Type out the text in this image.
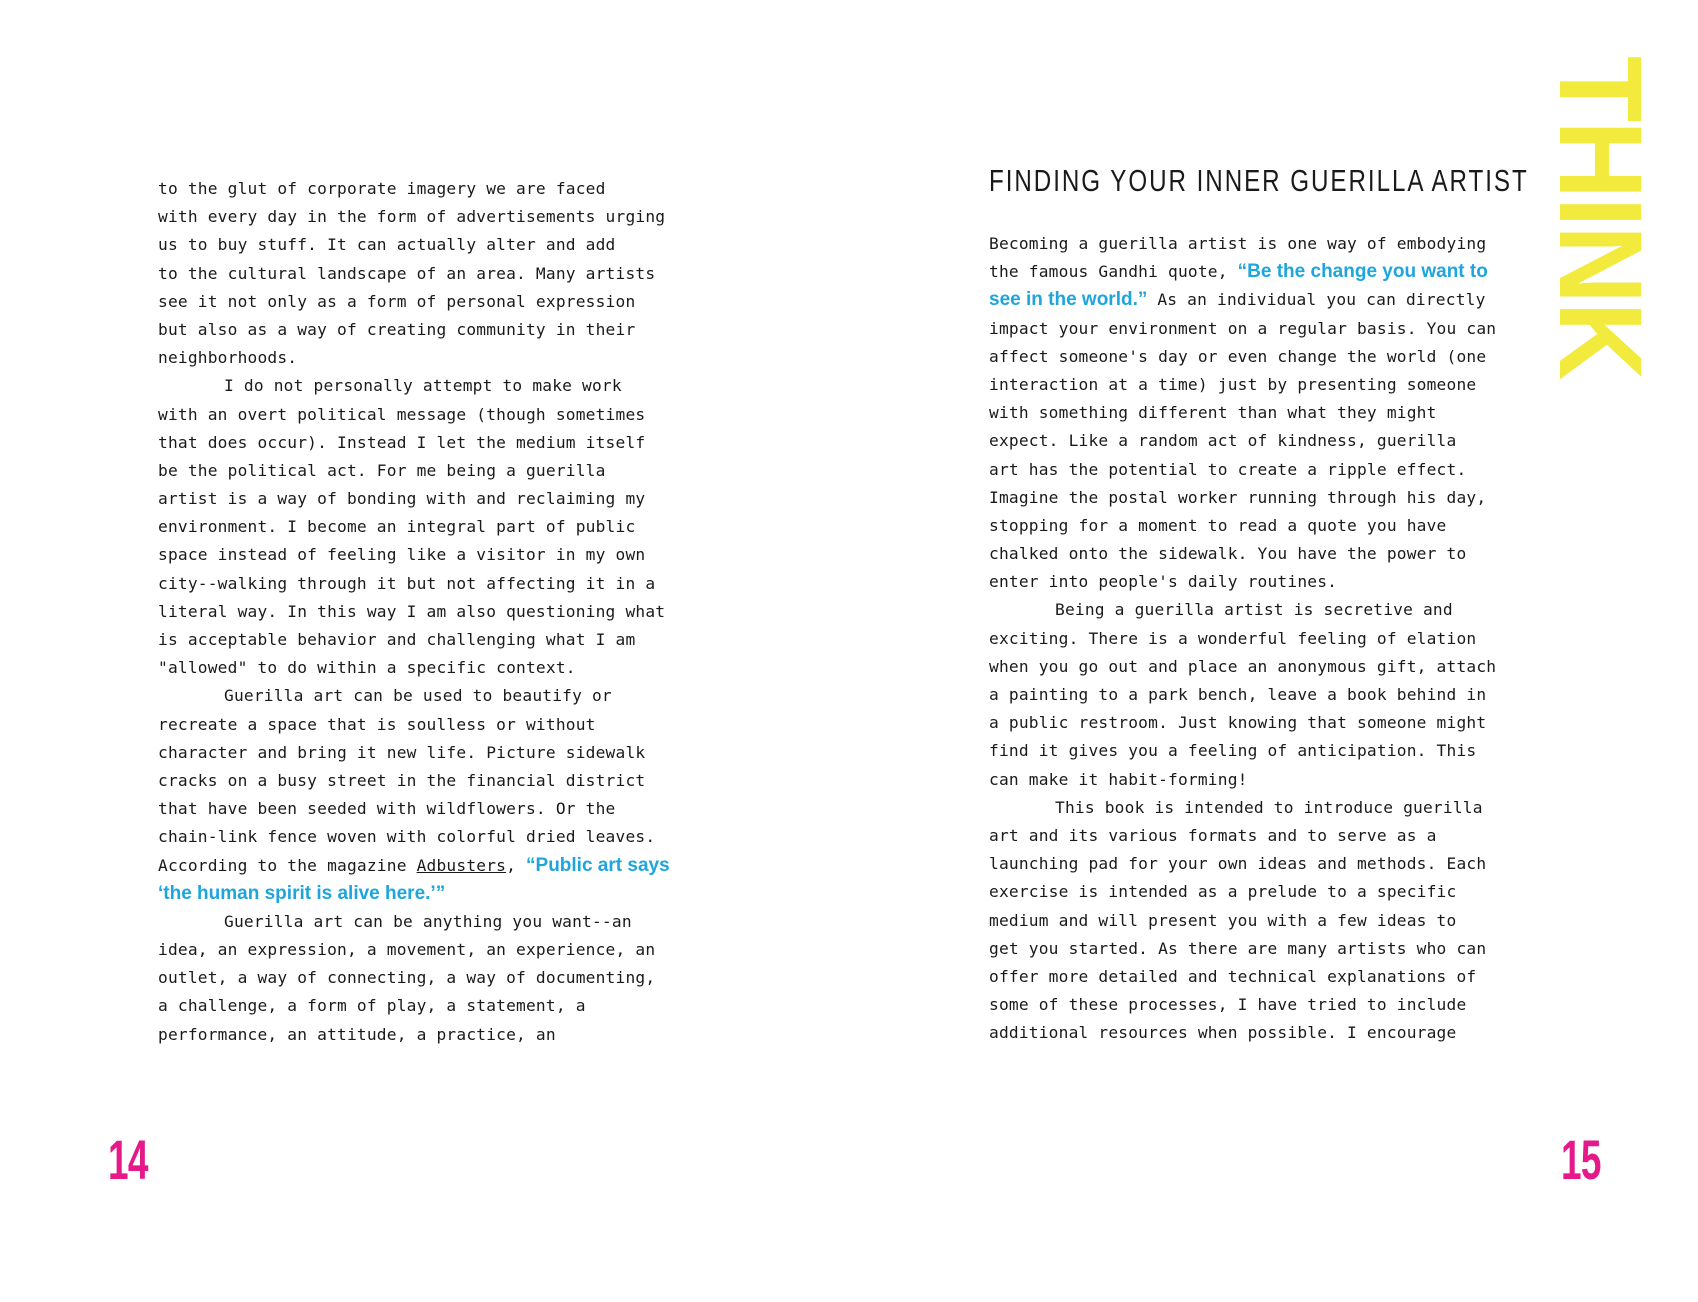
to the glut of corporate imagery we are faced
with every day in the form of advertisements urging
us to buy stuff. It can actually alter and add
to the cultural landscape of an area. Many artists
see it not only as a form of personal expression
but also as a way of creating community in their
neighborhoods.
I do not personally attempt to make work
with an overt political message (though sometimes
that does occur). Instead I let the medium itself
be the political act. For me being a guerilla
artist is a way of bonding with and reclaiming my
environment. I become an integral part of public
space instead of feeling like a visitor in my own
city--walking through it but not affecting it in a
literal way. In this way I am also questioning what
is acceptable behavior and challenging what I am
"allowed" to do within a specific context.
Guerilla art can be used to beautify or
recreate a space that is soulless or without
character and bring it new life. Picture sidewalk
cracks on a busy street in the financial district
that have been seeded with wildflowers. Or the
chain-link fence woven with colorful dried leaves.
According to the magazine Adbusters, “Public art says
‘the human spirit is alive here.’”
Guerilla art can be anything you want--an
idea, an expression, a movement, an experience, an
outlet, a way of connecting, a way of documenting,
a challenge, a form of play, a statement, a
performance, an attitude, a practice, an
14
FINDING YOUR INNER GUERILLA ARTIST THINK
Becoming a guerilla artist is one way of embodying
the famous Gandhi quote, “Be the change you want to
see in the world.” As an individual you can directly
impact your environment on a regular basis. You can
affect someone's day or even change the world (one
interaction at a time) just by presenting someone
with something different than what they might
expect. Like a random act of kindness, guerilla
art has the potential to create a ripple effect.
Imagine the postal worker running through his day,
stopping for a moment to read a quote you have
chalked onto the sidewalk. You have the power to
enter into people's daily routines.
Being a guerilla artist is secretive and
exciting. There is a wonderful feeling of elation
when you go out and place an anonymous gift, attach
a painting to a park bench, leave a book behind in
a public restroom. Just knowing that someone might
find it gives you a feeling of anticipation. This
can make it habit-forming!
This book is intended to introduce guerilla
art and its various formats and to serve as a
launching pad for your own ideas and methods. Each
exercise is intended as a prelude to a specific
medium and will present you with a few ideas to
get you started. As there are many artists who can
offer more detailed and technical explanations of
some of these processes, I have tried to include
additional resources when possible. I encourage
15
